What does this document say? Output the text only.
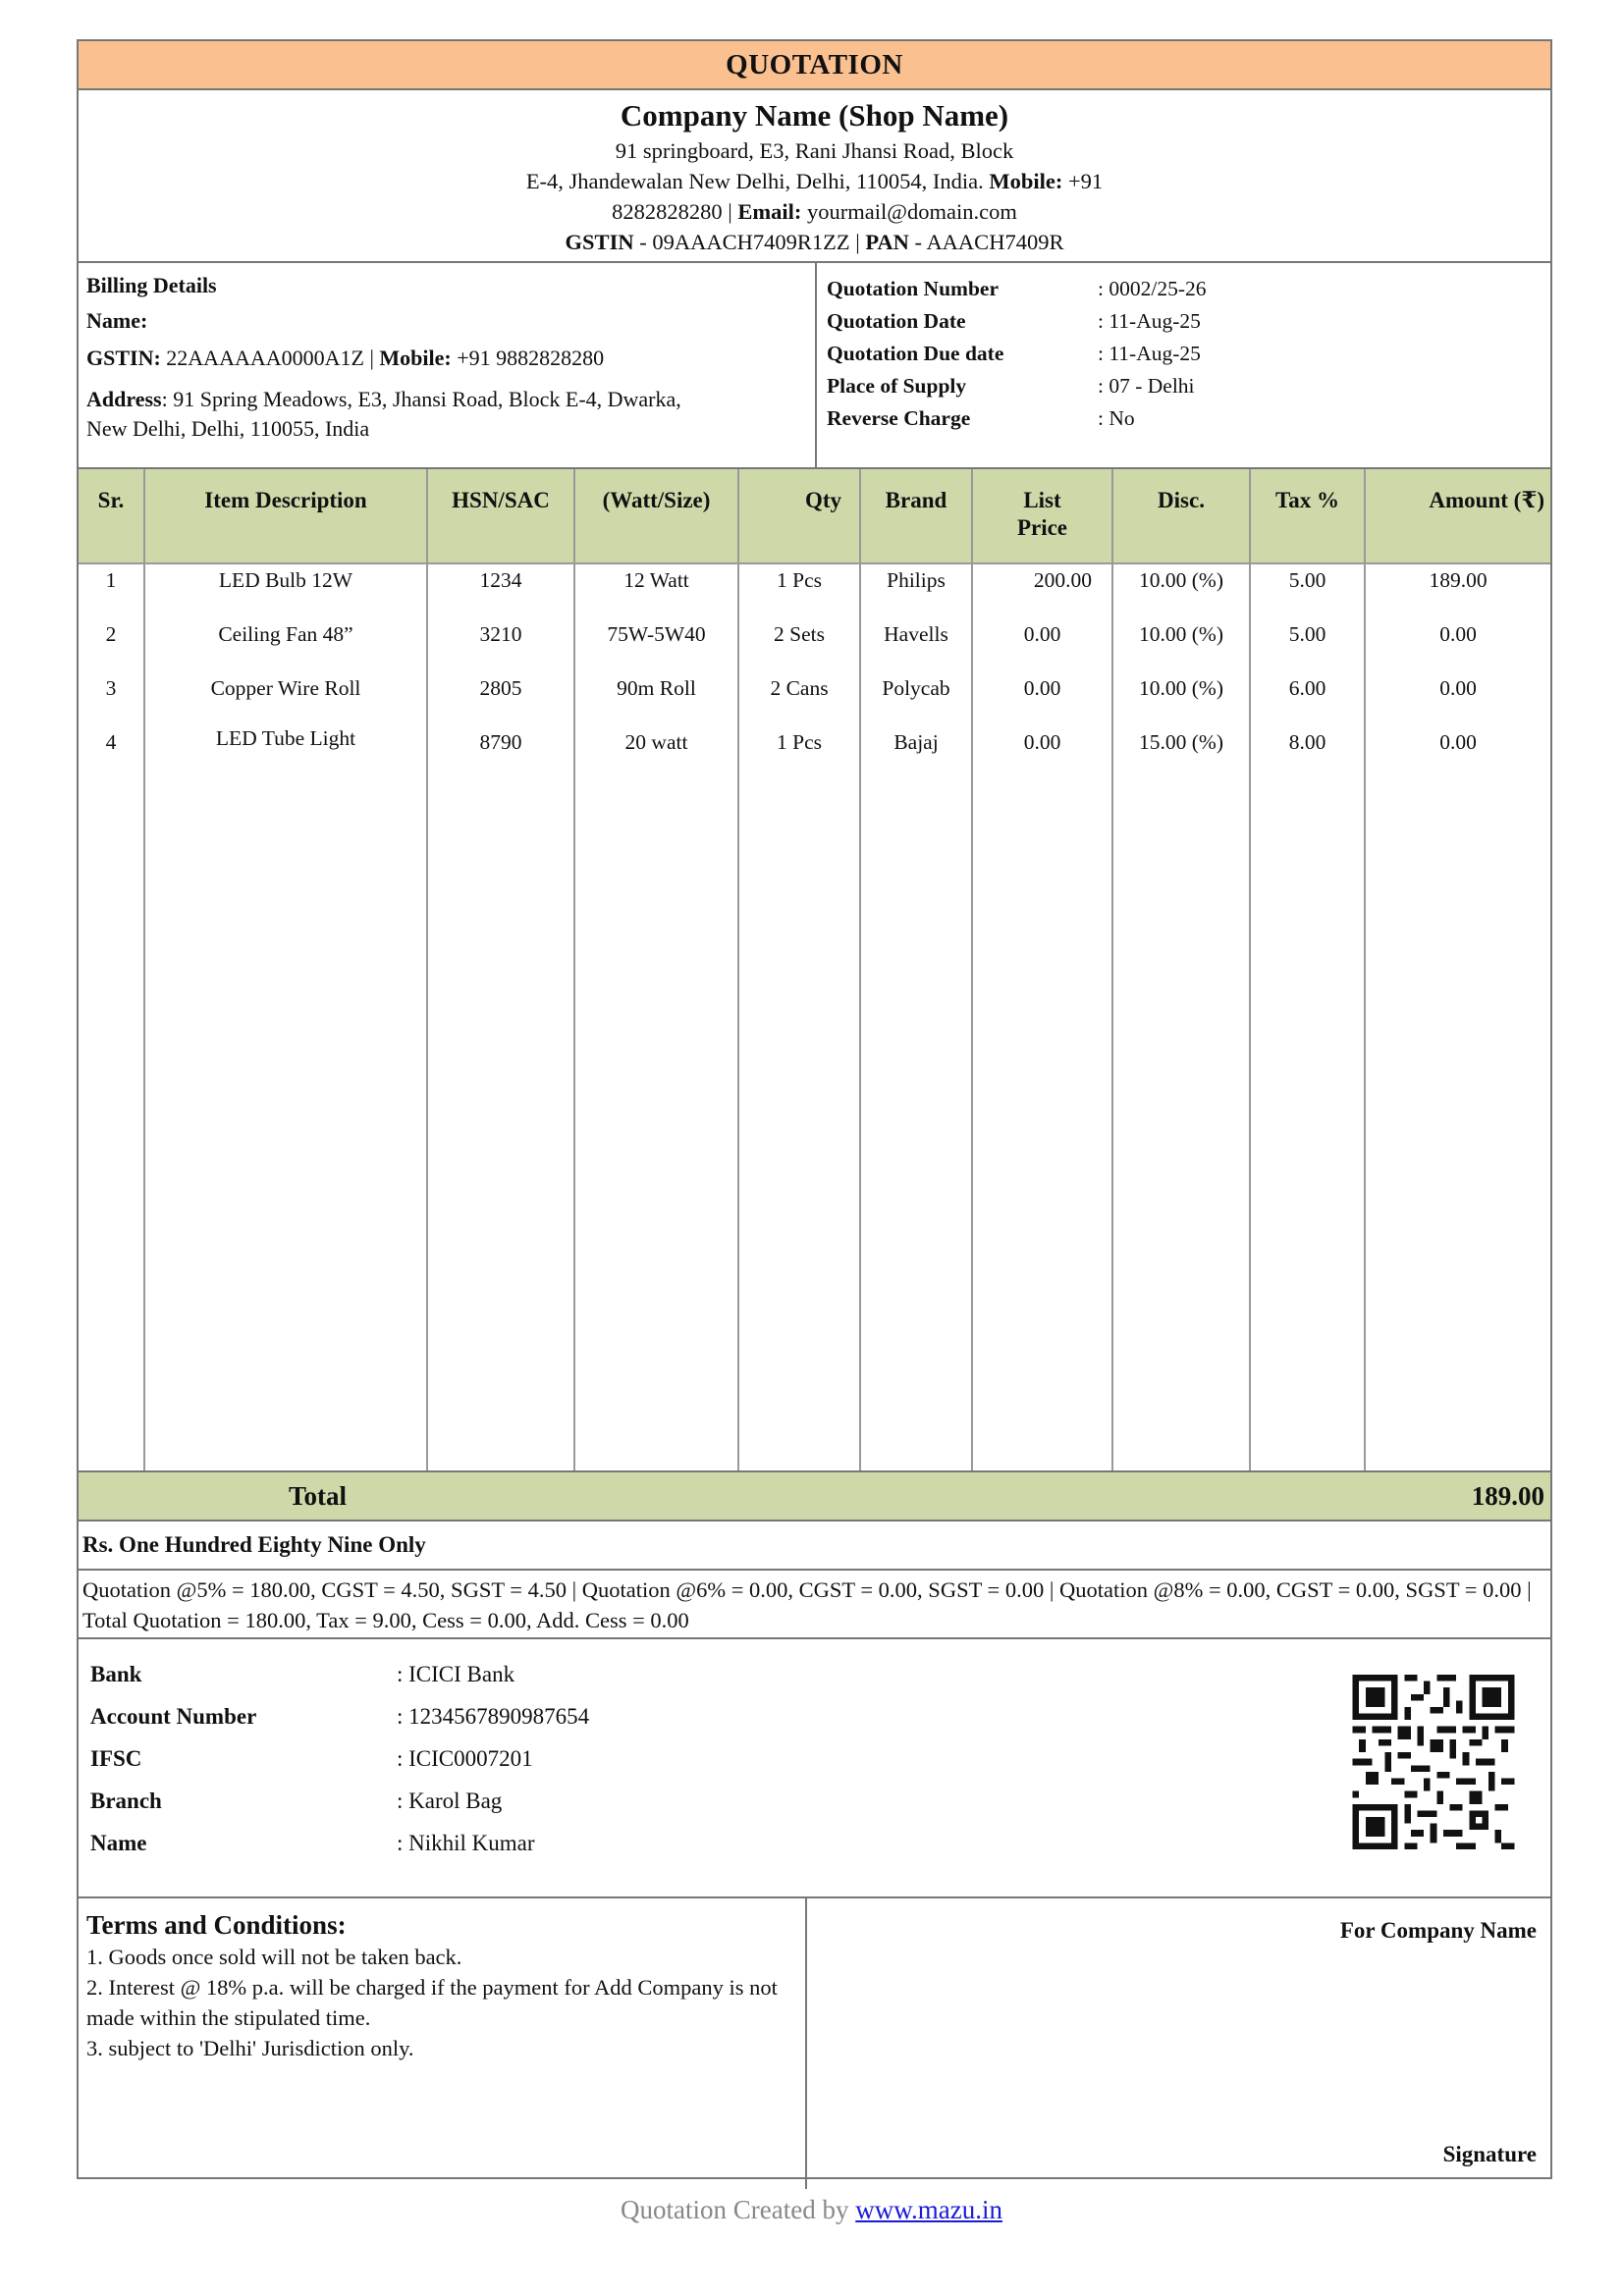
QUOTATION
Company Name (Shop Name)
91 springboard, E3, Rani Jhansi Road, Block
E-4, Jhandewalan New Delhi, Delhi, 110054, India. Mobile: +91
8282828280 | Email: yourmail@domain.com
GSTIN - 09AAACH7409R1ZZ | PAN - AAACH7409R
Billing Details
Name:
GSTIN: 22AAAAAA0000A1Z | Mobile: +91 9882828280
Address: 91 Spring Meadows, E3, Jhansi Road, Block E-4, Dwarka,
New Delhi, Delhi, 110055, India
Quotation Number	: 0002/25-26
Quotation Date	: 11-Aug-25
Quotation Due date	: 11-Aug-25
Place of Supply	: 07 - Delhi
Reverse Charge	: No
Sr.	Item Description	HSN/SAC	(Watt/Size)	Qty	Brand	List Price	Disc.	Tax %	Amount (₹)
1	LED Bulb 12W	1234	12 Watt	1 Pcs	Philips	200.00	10.00 (%)	5.00	189.00
2	Ceiling Fan 48”	3210	75W-5W40	2 Sets	Havells	0.00	10.00 (%)	5.00	0.00
3	Copper Wire Roll	2805	90m Roll	2 Cans	Polycab	0.00	10.00 (%)	6.00	0.00
4	LED Tube Light	8790	20 watt	1 Pcs	Bajaj	0.00	15.00 (%)	8.00	0.00

Total	189.00
Rs. One Hundred Eighty Nine Only
Quotation @5% = 180.00, CGST = 4.50, SGST = 4.50 | Quotation @6% = 0.00, CGST = 0.00, SGST = 0.00 | Quotation @8% = 0.00, CGST = 0.00, SGST = 0.00 | Total Quotation = 180.00, Tax = 9.00, Cess = 0.00, Add. Cess = 0.00
Bank	: ICICI Bank
Account Number	: 1234567890987654
IFSC	: ICIC0007201
Branch	: Karol Bag
Name	: Nikhil Kumar
Terms and Conditions:
1. Goods once sold will not be taken back.
2. Interest @ 18% p.a. will be charged if the payment for Add Company is not made within the stipulated time.
3. subject to 'Delhi' Jurisdiction only.
For Company Name
Signature
Quotation Created by www.mazu.in
